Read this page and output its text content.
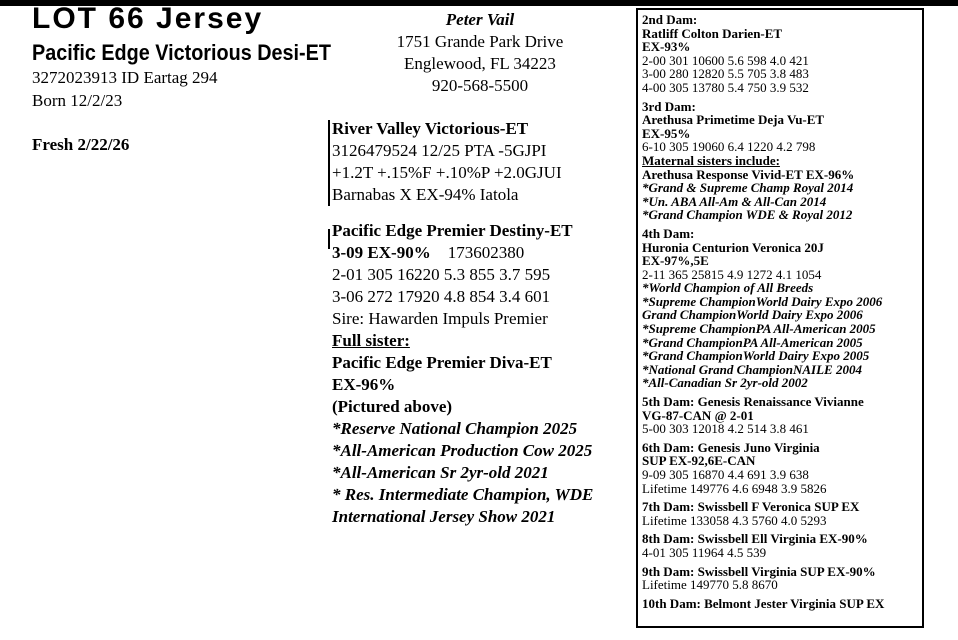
LOT 66 Jersey
Pacific Edge Victorious Desi-ET
3272023913 ID Eartag 294
Born 12/2/23
Fresh 2/22/26
Peter Vail
1751 Grande Park Drive
Englewood, FL 34223
920-568-5500
River Valley Victorious-ET
3126479524 12/25 PTA -5GJPI
+1.2T +.15%F +.10%P +2.0GJUI
Barnabas X EX-94% Iatola
Pacific Edge Premier Destiny-ET
3-09 EX-90% 173602380
2-01 305 16220 5.3 855 3.7 595
3-06 272 17920 4.8 854 3.4 601
Sire: Hawarden Impuls Premier
Full sister:
Pacific Edge Premier Diva-ET
EX-96%
(Pictured above)
*Reserve National Champion 2025
*All-American Production Cow 2025
*All-American Sr 2yr-old 2021
* Res. Intermediate Champion, WDE
International Jersey Show 2021
2nd Dam:
Ratliff Colton Darien-ET
EX-93%
2-00 301 10600 5.6 598 4.0 421
3-00 280 12820 5.5 705 3.8 483
4-00 305 13780 5.4 750 3.9 532
3rd Dam:
Arethusa Primetime Deja Vu-ET
EX-95%
6-10 305 19060 6.4 1220 4.2 798
Maternal sisters include:
Arethusa Response Vivid-ET EX-96%
*Grand & Supreme Champ Royal 2014
*Un. ABA All-Am & All-Can 2014
*Grand Champion WDE & Royal 2012
4th Dam:
Huronia Centurion Veronica 20J
EX-97%,5E
2-11 365 25815 4.9 1272 4.1 1054
*World Champion of All Breeds
*Supreme ChampionWorld Dairy Expo 2006
Grand ChampionWorld Dairy Expo 2006
*Supreme ChampionPA All-American 2005
*Grand ChampionPA All-American 2005
*Grand ChampionWorld Dairy Expo 2005
*National Grand ChampionNAILE 2004
*All-Canadian Sr 2yr-old 2002
5th Dam: Genesis Renaissance Vivianne
VG-87-CAN @ 2-01
5-00 303 12018 4.2 514 3.8 461
6th Dam: Genesis Juno Virginia
SUP EX-92,6E-CAN
9-09 305 16870 4.4 691 3.9 638
Lifetime 149776 4.6 6948 3.9 5826
7th Dam: Swissbell F Veronica SUP EX
Lifetime 133058 4.3 5760 4.0 5293
8th Dam: Swissbell Ell Virginia EX-90%
4-01 305 11964 4.5 539
9th Dam: Swissbell Virginia SUP EX-90%
Lifetime 149770 5.8 8670
10th Dam: Belmont Jester Virginia SUP EX
